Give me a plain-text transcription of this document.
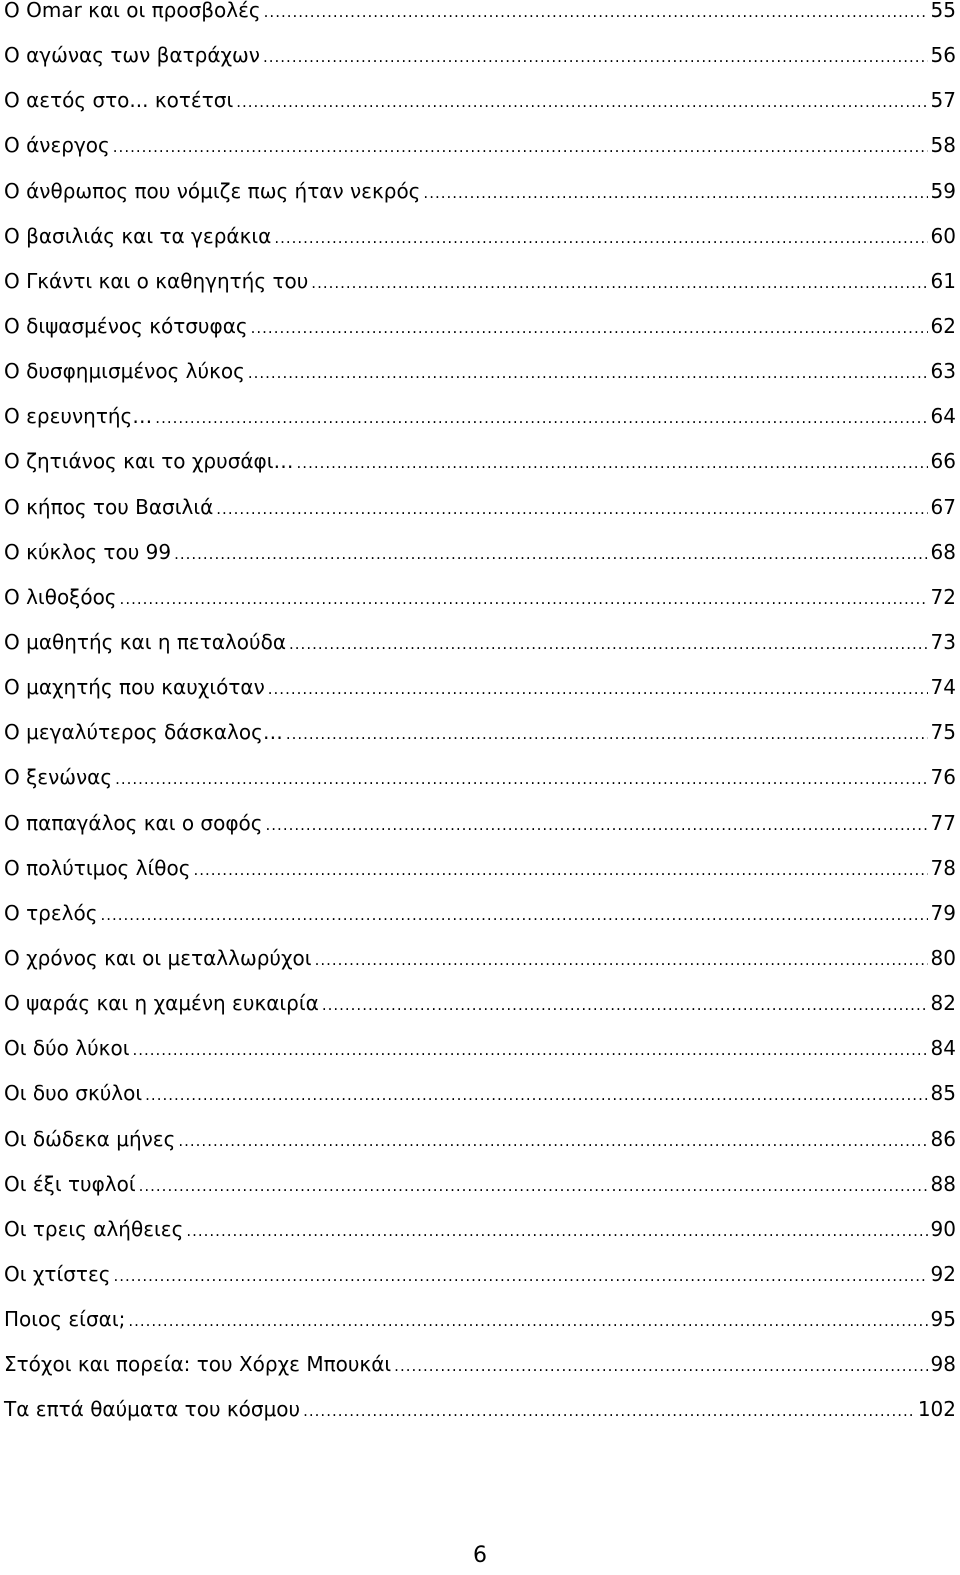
Ο Omar και οι προσβολές .....	55
Ο αγώνας των βατράχων .....	56
Ο αετός στο... κοτέτσι .....	57
Ο άνεργος .....	58
Ο άνθρωπος που νόμιζε πως ήταν νεκρός .....	59
Ο βασιλιάς και τα γεράκια .....	60
Ο Γκάντι και ο καθηγητής του .....	61
Ο διψασμένος κότσυφας .....	62
Ο δυσφημισμένος λύκος .....	63
Ο ερευνητής… .....	64
Ο ζητιάνος και το χρυσάφι… .....	66
Ο κήπος του Βασιλιά .....	67
Ο κύκλος του 99 .....	68
Ο λιθοξόος .....	72
Ο μαθητής και η πεταλούδα .....	73
Ο μαχητής που καυχιόταν .....	74
Ο μεγαλύτερος δάσκαλος… .....	75
Ο ξενώνας .....	76
Ο παπαγάλος και ο σοφός .....	77
Ο πολύτιμος λίθος .....	78
Ο τρελός .....	79
Ο χρόνος και οι μεταλλωρύχοι .....	80
Ο ψαράς και η χαμένη ευκαιρία .....	82
Οι δύο λύκοι .....	84
Οι δυο σκύλοι .....	85
Οι δώδεκα μήνες .....	86
Οι έξι τυφλοί .....	88
Οι τρεις αλήθειες .....	90
Οι χτίστες .....	92
Ποιος είσαι; .....	95
Στόχοι και πορεία: του Χόρχε Μπουκάι .....	98
Τα επτά θαύματα του κόσμου .....	102
6
